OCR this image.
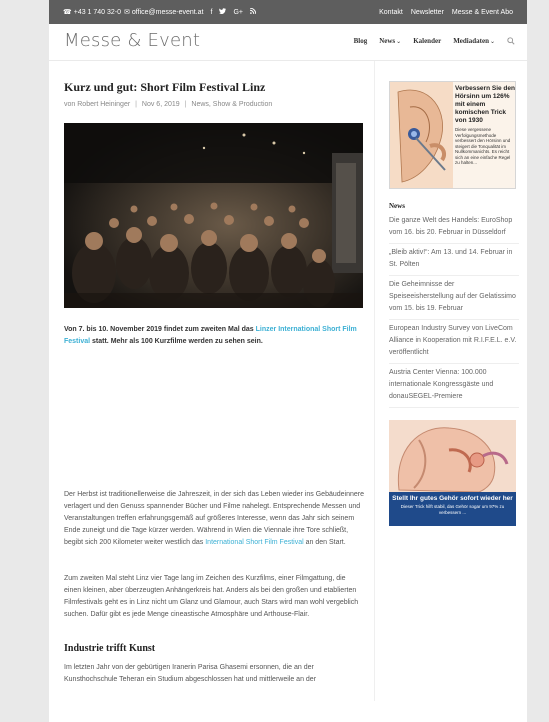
☎ +43 1 740 32-0 ✉ office@messe-event.at f	G+	Kontakt Newsletter Messe & Event Abo
Messe & Event	Blog News⌄ Kalender Mediadaten⌄
Kurz und gut: Short Film Festival Linz
von Robert Heininger | Nov 6, 2019 | News, Show & Production

Von 7. bis 10. November 2019 findet zum zweiten Mal das Linzer International Short Film Festival statt. Mehr als 100 Kurzfilme werden zu sehen sein.

Der Herbst ist traditionellerweise die Jahreszeit, in der sich das Leben wieder ins Gebäudeinnere verlagert und den Genuss spannender Bücher und Filme nahelegt. Entsprechende Messen und Veranstaltungen treffen erfahrungsgemäß auf größeres Interesse, wenn das Jahr sich seinem Ende zuneigt und die Tage kürzer werden. Während in Wien die Viennale ihre Tore schließt, begibt sich 200 Kilometer weiter westlich das International Short Film Festival an den Start.

Zum zweiten Mal steht Linz vier Tage lang im Zeichen des Kurzfilms, einer Filmgattung, die einen kleinen, aber überzeugten Anhängerkreis hat. Anders als bei den großen und etablierten Filmfestivals geht es in Linz nicht um Glanz und Glamour, auch Stars wird man wohl vergeblich suchen. Dafür gibt es jede Menge cineastische Atmosphäre und Arthouse-Flair.

Industrie trifft Kunst

Im letzten Jahr von der gebürtigen Iranerin Parisa Ghasemi ersonnen, die an der Kunsthochschule Teheran ein Studium abgeschlossen hat und mittlerweile an der

Verbessern Sie den Hörsinn um 126% mit einem komischen Trick von 1930
Diese vergessene Verfolgungsmethode verbessert den Hörsinn und steigert die Tonqualität im Nullkommanichts. Es reicht sich an eine einfache Regel zu halten...
News
Die ganze Welt des Handels: EuroShop vom 16. bis 20. Februar in Düsseldorf
„Bleib aktiv!“: Am 13. und 14. Februar in St. Pölten
Die Geheimnisse der Speiseeisherstellung auf der Gelatissimo vom 15. bis 19. Februar
European Industry Survey von LiveCom Alliance in Kooperation mit R.I.F.E.L. e.V. veröffentlicht
Austria Center Vienna: 100.000 internationale Kongressgäste und donauSEGEL-Premiere
Stellt Ihr gutes Gehör sofort wieder her
Dieser Trick hilft stabil, das Gehör sogar um 97% zu verbessern ...
